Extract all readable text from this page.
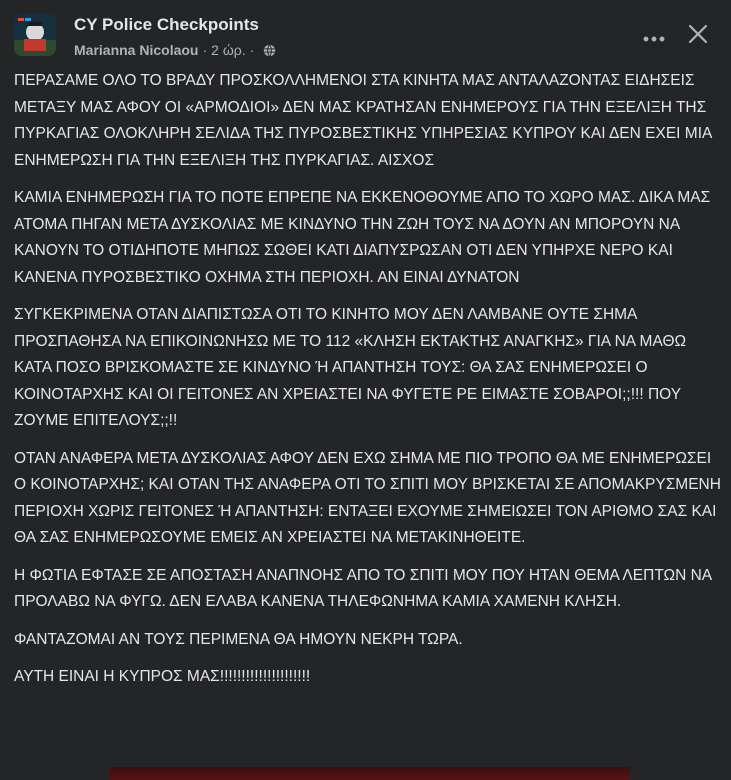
CY Police Checkpoints
Marianna Nicolaou · 2 ώρ. ·

ΠΕΡΑΣΑΜΕ ΟΛΟ ΤΟ ΒΡΑΔΥ ΠΡΟΣΚΟΛΛΗΜΕΝΟΙ ΣΤΑ ΚΙΝΗΤΑ ΜΑΣ ΑΝΤΑΛΑΖΟΝΤΑΣ ΕΙΔΗΣΕΙΣ ΜΕΤΑΞΥ ΜΑΣ ΑΦΟΥ ΟΙ «ΑΡΜΟΔΙΟΙ» ΔΕΝ ΜΑΣ ΚΡΑΤΗΣΑΝ ΕΝΗΜΕΡΟΥΣ ΓΙΑ ΤΗΝ ΕΞΕΛΙΞΗ ΤΗΣ ΠΥΡΚΑΓΙΑΣ ΟΛΟΚΛΗΡΗ ΣΕΛΙΔΑ ΤΗΣ ΠΥΡΟΣΒΕΣΤΙΚΗΣ ΥΠΗΡΕΣΙΑΣ ΚΥΠΡΟΥ ΚΑΙ ΔΕΝ ΕΧΕΙ ΜΙΑ ΕΝΗΜΕΡΩΣΗ ΓΙΑ ΤΗΝ ΕΞΕΛΙΞΗ ΤΗΣ ΠΥΡΚΑΓΙΑΣ. ΑΙΣΧΟΣ

ΚΑΜΙΑ ΕΝΗΜΕΡΩΣΗ ΓΙΑ ΤΟ ΠΟΤΕ ΕΠΡΕΠΕ ΝΑ ΕΚΚΕΝΟΘΟΥΜΕ ΑΠΟ ΤΟ ΧΩΡΟ ΜΑΣ. ΔΙΚΑ ΜΑΣ ΑΤΟΜΑ ΠΗΓΑΝ ΜΕΤΑ ΔΥΣΚΟΛΙΑΣ ΜΕ ΚΙΝΔΥΝΟ ΤΗΝ ΖΩΗ ΤΟΥΣ ΝΑ ΔΟΥΝ ΑΝ ΜΠΟΡΟΥΝ ΝΑ ΚΑΝΟΥΝ ΤΟ ΟΤΙΔΗΠΟΤΕ ΜΗΠΩΣ ΣΩΘΕΙ ΚΑΤΙ ΔΙΑΠΥΣΡΩΣΑΝ ΟΤΙ ΔΕΝ ΥΠΗΡΧΕ ΝΕΡΟ ΚΑΙ ΚΑΝΕΝΑ ΠΥΡΟΣΒΕΣΤΙΚΟ ΟΧΗΜΑ ΣΤΗ ΠΕΡΙΟΧΗ. ΑΝ ΕΙΝΑΙ ΔΥΝΑΤΟΝ

ΣΥΓΚΕΚΡΙΜΕΝΑ ΟΤΑΝ ΔΙΑΠΙΣΤΩΣΑ ΟΤΙ ΤΟ ΚΙΝΗΤΟ ΜΟΥ ΔΕΝ ΛΑΜΒΑΝΕ ΟΥΤΕ ΣΗΜΑ ΠΡΟΣΠΑΘΗΣΑ ΝΑ ΕΠΙΚΟΙΝΩΝΗΣΩ ΜΕ ΤΟ 112 «ΚΛΗΣΗ ΕΚΤΑΚΤΗΣ ΑΝΑΓΚΗΣ» ΓΙΑ ΝΑ ΜΑΘΩ ΚΑΤΑ ΠΟΣΟ ΒΡΙΣΚΟΜΑΣΤΕ ΣΕ ΚΙΝΔΥΝΟ Ή ΑΠΑΝΤΗΣΗ ΤΟΥΣ: ΘΑ ΣΑΣ ΕΝΗΜΕΡΩΣΕΙ Ο ΚΟΙΝΟΤΑΡΧΗΣ ΚΑΙ ΟΙ ΓΕΙΤΟΝΕΣ ΑΝ ΧΡΕΙΑΣΤΕΙ ΝΑ ΦΥΓΕΤΕ ΡΕ ΕΙΜΑΣΤΕ ΣΟΒΑΡΟΙ;;!!! ΠΟΥ ΖΟΥΜΕ ΕΠΙΤΕΛΟΥΣ;;!!

ΟΤΑΝ ΑΝΑΦΕΡΑ ΜΕΤΑ ΔΥΣΚΟΛΙΑΣ ΑΦΟΥ ΔΕΝ ΕΧΩ ΣΗΜΑ ΜΕ ΠΙΟ ΤΡΟΠΟ ΘΑ ΜΕ ΕΝΗΜΕΡΩΣΕΙ Ο ΚΟΙΝΟΤΑΡΧΗΣ; ΚΑΙ ΟΤΑΝ ΤΗΣ ΑΝΑΦΕΡΑ ΟΤΙ ΤΟ ΣΠΙΤΙ ΜΟΥ ΒΡΙΣΚΕΤΑΙ ΣΕ ΑΠΟΜΑΚΡΥΣΜΕΝΗ ΠΕΡΙΟΧΗ ΧΩΡΙΣ ΓΕΙΤΟΝΕΣ Ή ΑΠΑΝΤΗΣΗ: ΕΝΤΑΞΕΙ ΕΧΟΥΜΕ ΣΗΜΕΙΩΣΕΙ ΤΟΝ ΑΡΙΘΜΟ ΣΑΣ ΚΑΙ ΘΑ ΣΑΣ ΕΝΗΜΕΡΩΣΟΥΜΕ ΕΜΕΙΣ ΑΝ ΧΡΕΙΑΣΤΕΙ ΝΑ ΜΕΤΑΚΙΝΗΘΕΙΤΕ.

Η ΦΩΤΙΑ ΕΦΤΑΣΕ ΣΕ ΑΠΟΣΤΑΣΗ ΑΝΑΠΝΟΗΣ ΑΠΟ ΤΟ ΣΠΙΤΙ ΜΟΥ ΠΟΥ ΗΤΑΝ ΘΕΜΑ ΛΕΠΤΩΝ ΝΑ ΠΡΟΛΑΒΩ ΝΑ ΦΥΓΩ. ΔΕΝ ΕΛΑΒΑ ΚΑΝΕΝΑ ΤΗΛΕΦΩΝΗΜΑ ΚΑΜΙΑ ΧΑΜΕΝΗ ΚΛΗΣΗ.

ΦΑΝΤΑΖΟΜΑΙ ΑΝ ΤΟΥΣ ΠΕΡΙΜΕΝΑ ΘΑ ΗΜΟΥΝ ΝΕΚΡΗ ΤΩΡΑ.

ΑΥΤΗ ΕΙΝΑΙ Η ΚΥΠΡΟΣ ΜΑΣ!!!!!!!!!!!!!!!!!!!!!
